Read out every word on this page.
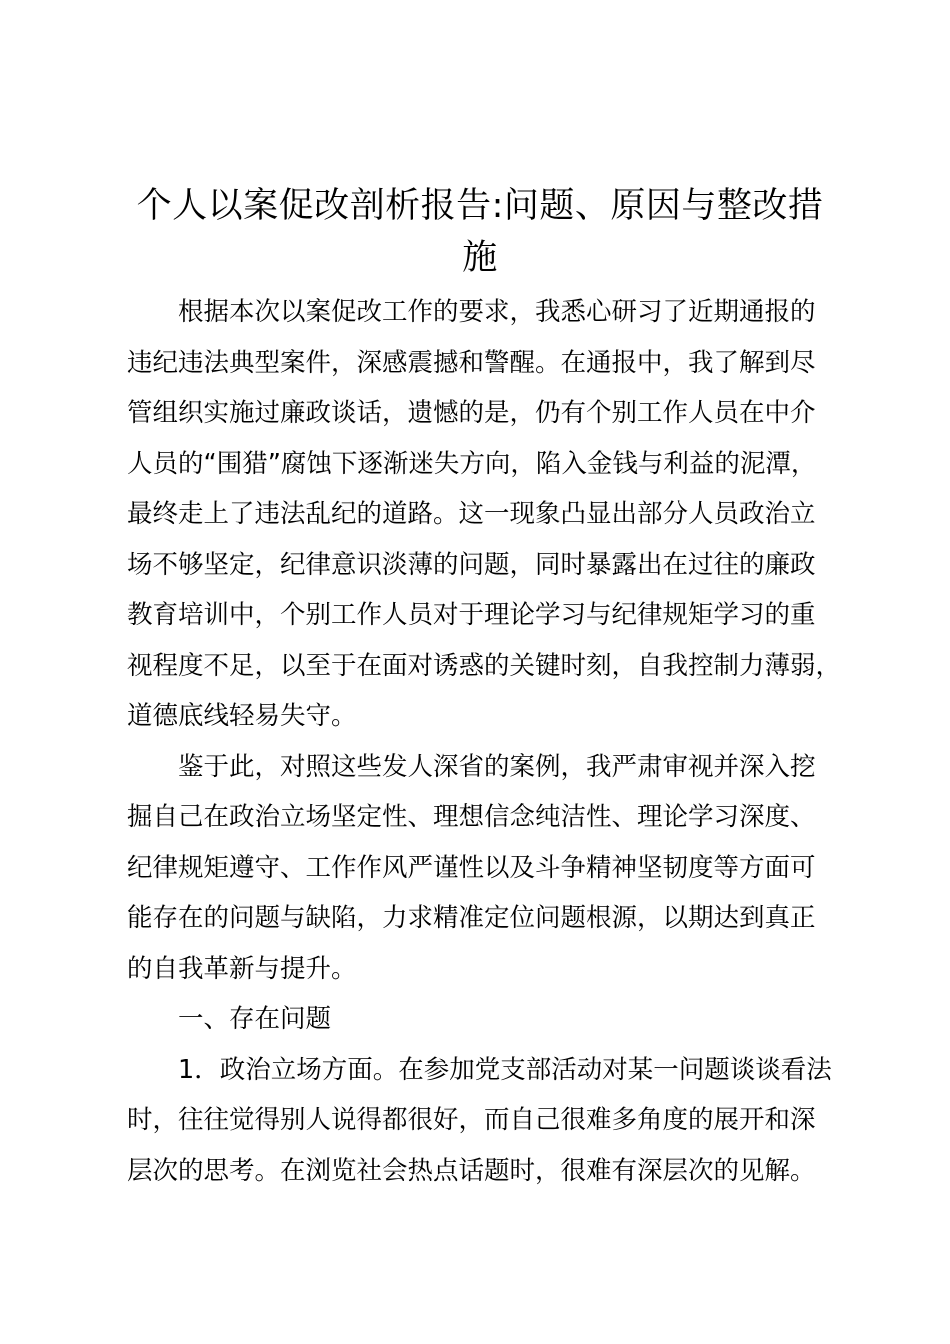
个人以案促改剖析报告:问题、原因与整改措
施

根据本次以案促改工作的要求，我悉心研习了近期通报的

违纪违法典型案件，深感震撼和警醒。在通报中，我了解到尽

管组织实施过廉政谈话，遗憾的是，仍有个别工作人员在中介

人员的“围猎”腐蚀下逐渐迷失方向，陷入金钱与利益的泥潭，

最终走上了违法乱纪的道路。这一现象凸显出部分人员政治立

场不够坚定，纪律意识淡薄的问题，同时暴露出在过往的廉政

教育培训中，个别工作人员对于理论学习与纪律规矩学习的重

视程度不足，以至于在面对诱惑的关键时刻，自我控制力薄弱，

道德底线轻易失守。

鉴于此，对照这些发人深省的案例，我严肃审视并深入挖

掘自己在政治立场坚定性、理想信念纯洁性、理论学习深度、

纪律规矩遵守、工作作风严谨性以及斗争精神坚韧度等方面可

能存在的问题与缺陷，力求精准定位问题根源，以期达到真正

的自我革新与提升。

一、存在问题

1．政治立场方面。在参加党支部活动对某一问题谈谈看法

时，往往觉得别人说得都很好，而自己很难多角度的展开和深

层次的思考。在浏览社会热点话题时，很难有深层次的见解。
